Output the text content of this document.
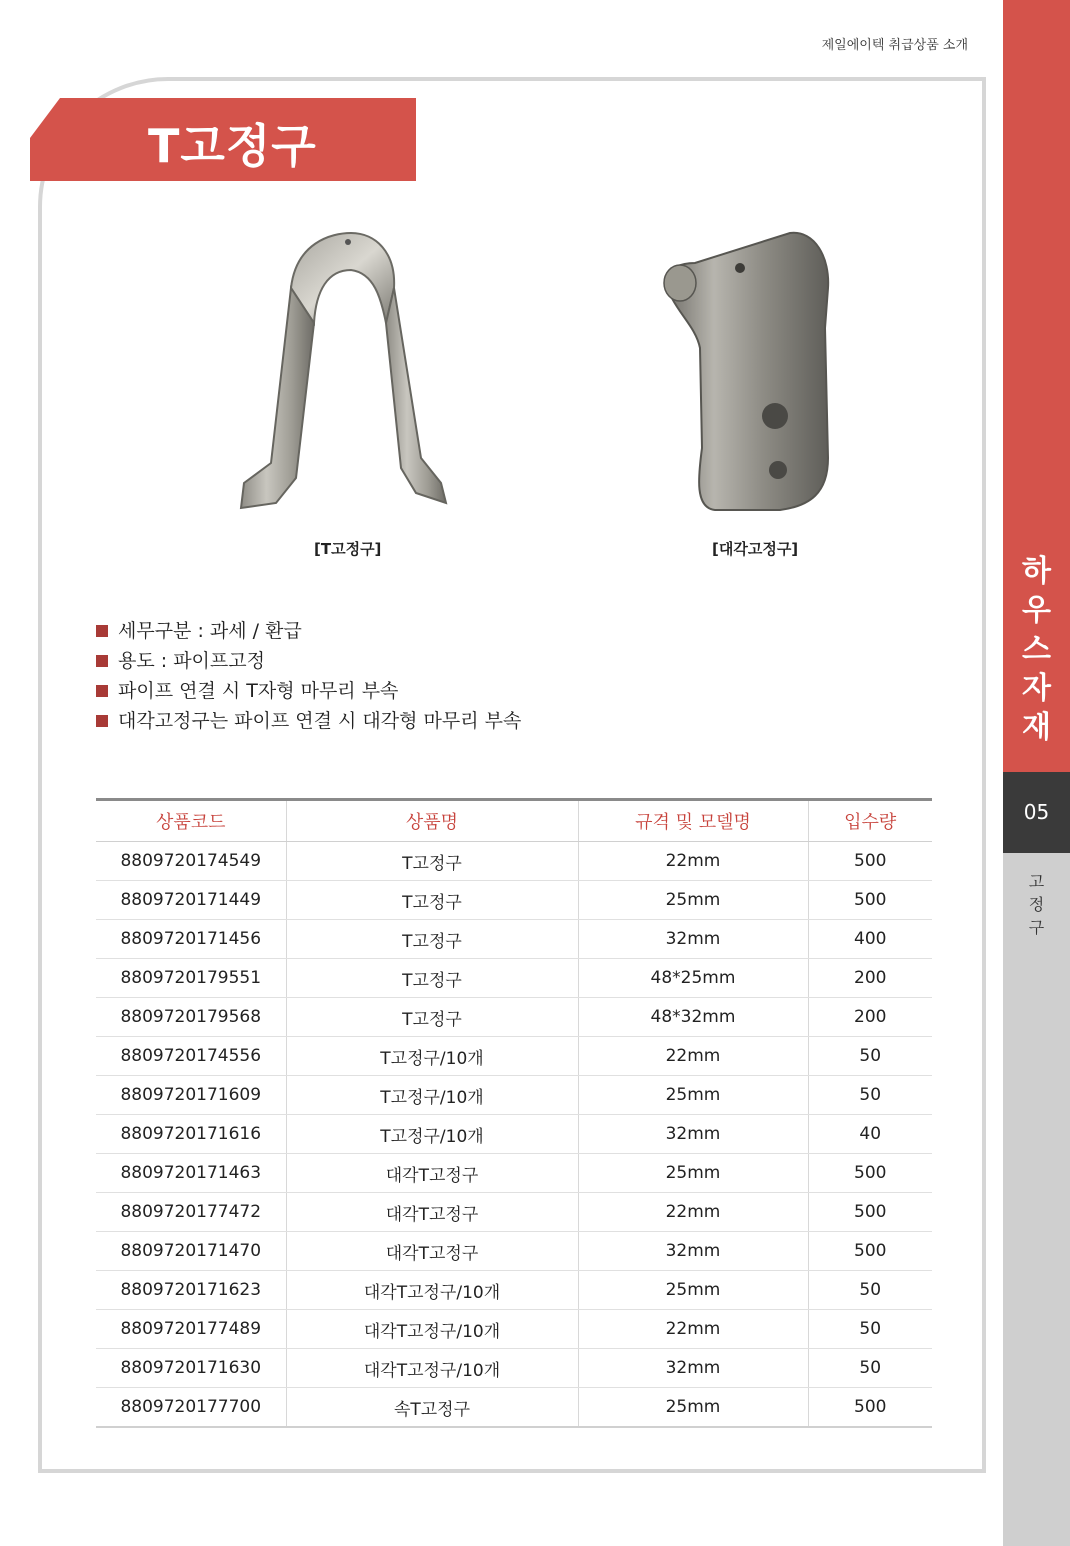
제일에이텍 취급상품 소개
하
우
스
자
재
05
고
정
구
T고정구
[T고정구]	[대각고정구]
세무구분 : 과세 / 환급
용도 : 파이프고정
파이프 연결 시 T자형 마무리 부속
대각고정구는 파이프 연결 시 대각형 마무리 부속
상품코드	상품명	규격 및 모델명	입수량
8809720174549	T고정구	22mm	500
8809720171449	T고정구	25mm	500
8809720171456	T고정구	32mm	400
8809720179551	T고정구	48*25mm	200
8809720179568	T고정구	48*32mm	200
8809720174556	T고정구/10개	22mm	50
8809720171609	T고정구/10개	25mm	50
8809720171616	T고정구/10개	32mm	40
8809720171463	대각T고정구	25mm	500
8809720177472	대각T고정구	22mm	500
8809720171470	대각T고정구	32mm	500
8809720171623	대각T고정구/10개	25mm	50
8809720177489	대각T고정구/10개	22mm	50
8809720171630	대각T고정구/10개	32mm	50
8809720177700	속T고정구	25mm	500
